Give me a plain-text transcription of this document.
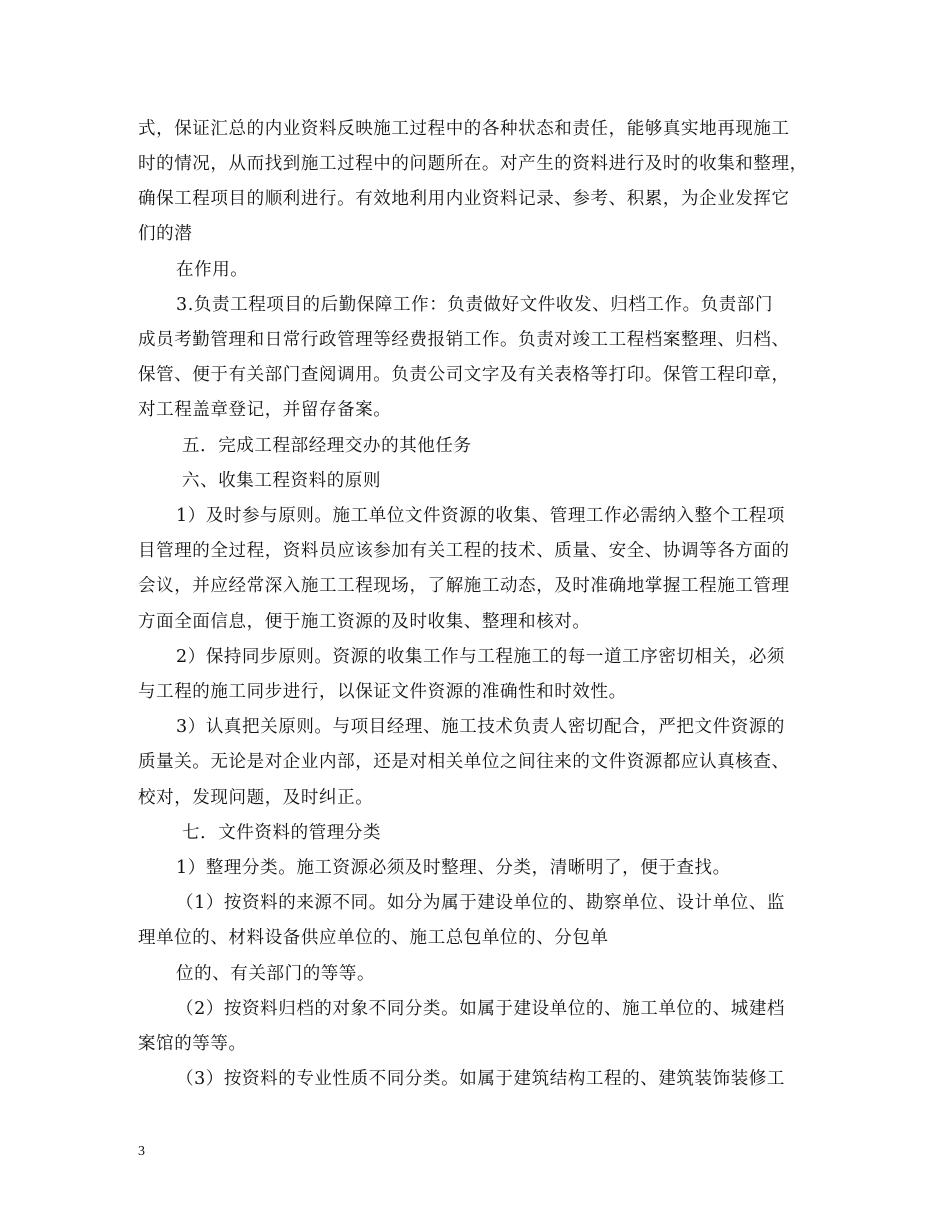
式，保证汇总的内业资料反映施工过程中的各种状态和责任，能够真实地再现施工
时的情况，从而找到施工过程中的问题所在。对产生的资料进行及时的收集和整理，
确保工程项目的顺利进行。有效地利用内业资料记录、参考、积累，为企业发挥它
们的潜
在作用。
3.负责工程项目的后勤保障工作：负责做好文件收发、归档工作。负责部门
成员考勤管理和日常行政管理等经费报销工作。负责对竣工工程档案整理、归档、
保管、便于有关部门查阅调用。负责公司文字及有关表格等打印。保管工程印章，
对工程盖章登记，并留存备案。
五．完成工程部经理交办的其他任务
六、收集工程资料的原则
1）及时参与原则。施工单位文件资源的收集、管理工作必需纳入整个工程项
目管理的全过程，资料员应该参加有关工程的技术、质量、安全、协调等各方面的
会议，并应经常深入施工工程现场，了解施工动态，及时准确地掌握工程施工管理
方面全面信息，便于施工资源的及时收集、整理和核对。
2）保持同步原则。资源的收集工作与工程施工的每一道工序密切相关，必须
与工程的施工同步进行，以保证文件资源的准确性和时效性。
3）认真把关原则。与项目经理、施工技术负责人密切配合，严把文件资源的
质量关。无论是对企业内部，还是对相关单位之间往来的文件资源都应认真核查、
校对，发现问题，及时纠正。
七．文件资料的管理分类
1）整理分类。施工资源必须及时整理、分类，清晰明了，便于查找。
（1）按资料的来源不同。如分为属于建设单位的、勘察单位、设计单位、监
理单位的、材料设备供应单位的、施工总包单位的、分包单
位的、有关部门的等等。
（2）按资料归档的对象不同分类。如属于建设单位的、施工单位的、城建档
案馆的等等。
（3）按资料的专业性质不同分类。如属于建筑结构工程的、建筑装饰装修工
3
